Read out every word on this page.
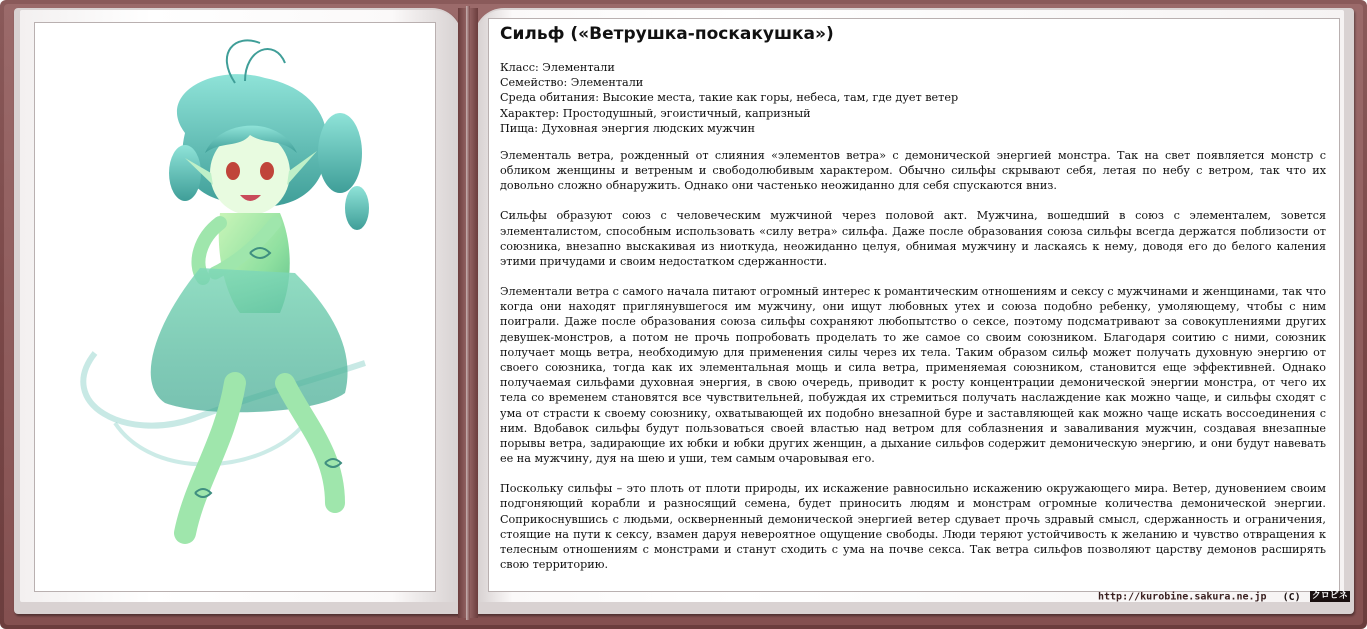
Сильф («Ветрушка-поскакушка»)
Класс: Элементали
Семейство: Элементали
Среда обитания: Высокие места, такие как горы, небеса, там, где дует ветер
Характер: Простодушный, эгоистичный, капризный
Пища: Духовная энергия людских мужчин

Элементаль ветра, рожденный от слияния «элементов ветра» с демонической энергией монстра. Так на свет появляется монстр с обликом женщины и ветреным и свободолюбивым характером. Обычно сильфы скрывают себя, летая по небу с ветром, так что их довольно сложно обнаружить. Однако они частенько неожиданно для себя спускаются вниз.

Сильфы образуют союз с человеческим мужчиной через половой акт. Мужчина, вошедший в союз с элементалем, зовется элементалистом, способным использовать «силу ветра» сильфа. Даже после образования союза сильфы всегда держатся поблизости от союзника, внезапно выскакивая из ниоткуда, неожиданно целуя, обнимая мужчину и ласкаясь к нему, доводя его до белого каления этими причудами и своим недостатком сдержанности.

Элементали ветра с самого начала питают огромный интерес к романтическим отношениям и сексу с мужчинами и женщинами, так что когда они находят приглянувшегося им мужчину, они ищут любовных утех и союза подобно ребенку, умоляющему, чтобы с ним поиграли. Даже после образования союза сильфы сохраняют любопытство о сексе, поэтому подсматривают за совокуплениями других девушек-монстров, а потом не прочь попробовать проделать то же самое со своим союзником. Благодаря соитию с ними, союзник получает мощь ветра, необходимую для применения силы через их тела. Таким образом сильф может получать духовную энергию от своего союзника, тогда как их элементальная мощь и сила ветра, применяемая союзником, становится еще эффективней. Однако получаемая сильфами духовная энергия, в свою очередь, приводит к росту концентрации демонической энергии монстра, от чего их тела со временем становятся все чувствительней, побуждая их стремиться получать наслаждение как можно чаще, и сильфы сходят с ума от страсти к своему союзнику, охватывающей их подобно внезапной буре и заставляющей как можно чаще искать воссоединения с ним. Вдобавок сильфы будут пользоваться своей властью над ветром для соблазнения и заваливания мужчин, создавая внезапные порывы ветра, задирающие их юбки и юбки других женщин, а дыхание сильфов содержит демоническую энергию, и они будут навевать ее на мужчину, дуя на шею и уши, тем самым очаровывая его.

Поскольку сильфы – это плоть от плоти природы, их искажение равносильно искажению окружающего мира. Ветер, дуновением своим подгоняющий корабли и разносящий семена, будет приносить людям и монстрам огромные количества демонической энергии. Соприкоснувшись с людьми, оскверненный демонической энергией ветер сдувает прочь здравый смысл, сдержанность и ограничения, стоящие на пути к сексу, взамен даруя невероятное ощущение свободы. Люди теряют устойчивость к желанию и чувство отвращения к телесным отношениям с монстрами и станут сходить с ума на почве секса. Так ветра сильфов позволяют царству демонов расширять свою территорию.

http://kurobine.sakura.ne.jp (C) クロビネ
